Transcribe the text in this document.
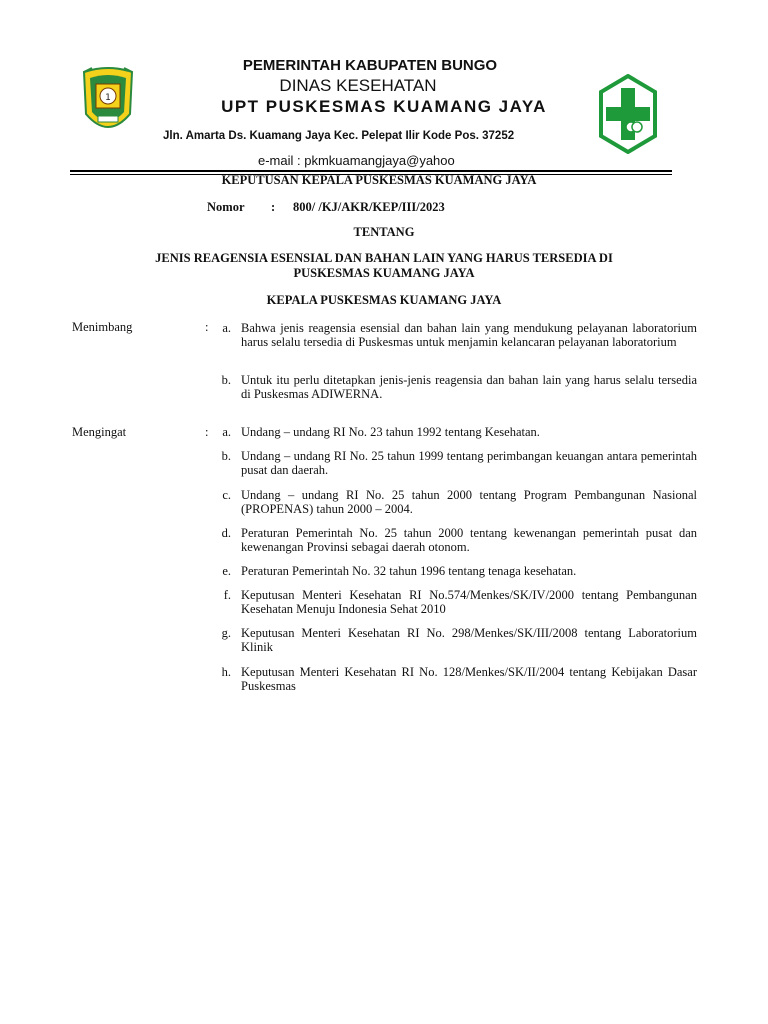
1
PEMERINTAH KABUPATEN BUNGO
DINAS KESEHATAN
UPT PUSKESMAS KUAMANG JAYA
Jln. Amarta Ds. Kuamang Jaya Kec. Pelepat Ilir Kode Pos. 37252
e-mail : pkmkuamangjaya@yahoo
KEPUTUSAN KEPALA PUSKESMAS KUAMANG JAYA
Nomor : 800/ /KJ/AKR/KEP/III/2023
TENTANG
JENIS REAGENSIA ESENSIAL DAN BAHAN LAIN YANG HARUS TERSEDIA DI
PUSKESMAS KUAMANG JAYA
KEPALA PUSKESMAS KUAMANG JAYA
Menimbang	:	a. Bahwa jenis reagensia esensial dan bahan lain yang mendukung pelayanan laboratorium harus selalu tersedia di Puskesmas untuk menjamin kelancaran pelayanan laboratorium
b. Untuk itu perlu ditetapkan jenis-jenis reagensia dan bahan lain yang harus selalu tersedia di Puskesmas ADIWERNA.
Mengingat	:	a. Undang – undang RI No. 23 tahun 1992 tentang Kesehatan.
b. Undang – undang RI No. 25 tahun 1999 tentang perimbangan keuangan antara pemerintah pusat dan daerah.
c. Undang – undang RI No. 25 tahun 2000 tentang Program Pembangunan Nasional (PROPENAS) tahun 2000 – 2004.
d. Peraturan Pemerintah No. 25 tahun 2000 tentang kewenangan pemerintah pusat dan kewenangan Provinsi sebagai daerah otonom.
e. Peraturan Pemerintah No. 32 tahun 1996 tentang tenaga kesehatan.
f. Keputusan Menteri Kesehatan RI No.574/Menkes/SK/IV/2000 tentang Pembangunan Kesehatan Menuju Indonesia Sehat 2010
g. Keputusan Menteri Kesehatan RI No. 298/Menkes/SK/III/2008 tentang Laboratorium Klinik
h. Keputusan Menteri Kesehatan RI No. 128/Menkes/SK/II/2004 tentang Kebijakan Dasar Puskesmas
